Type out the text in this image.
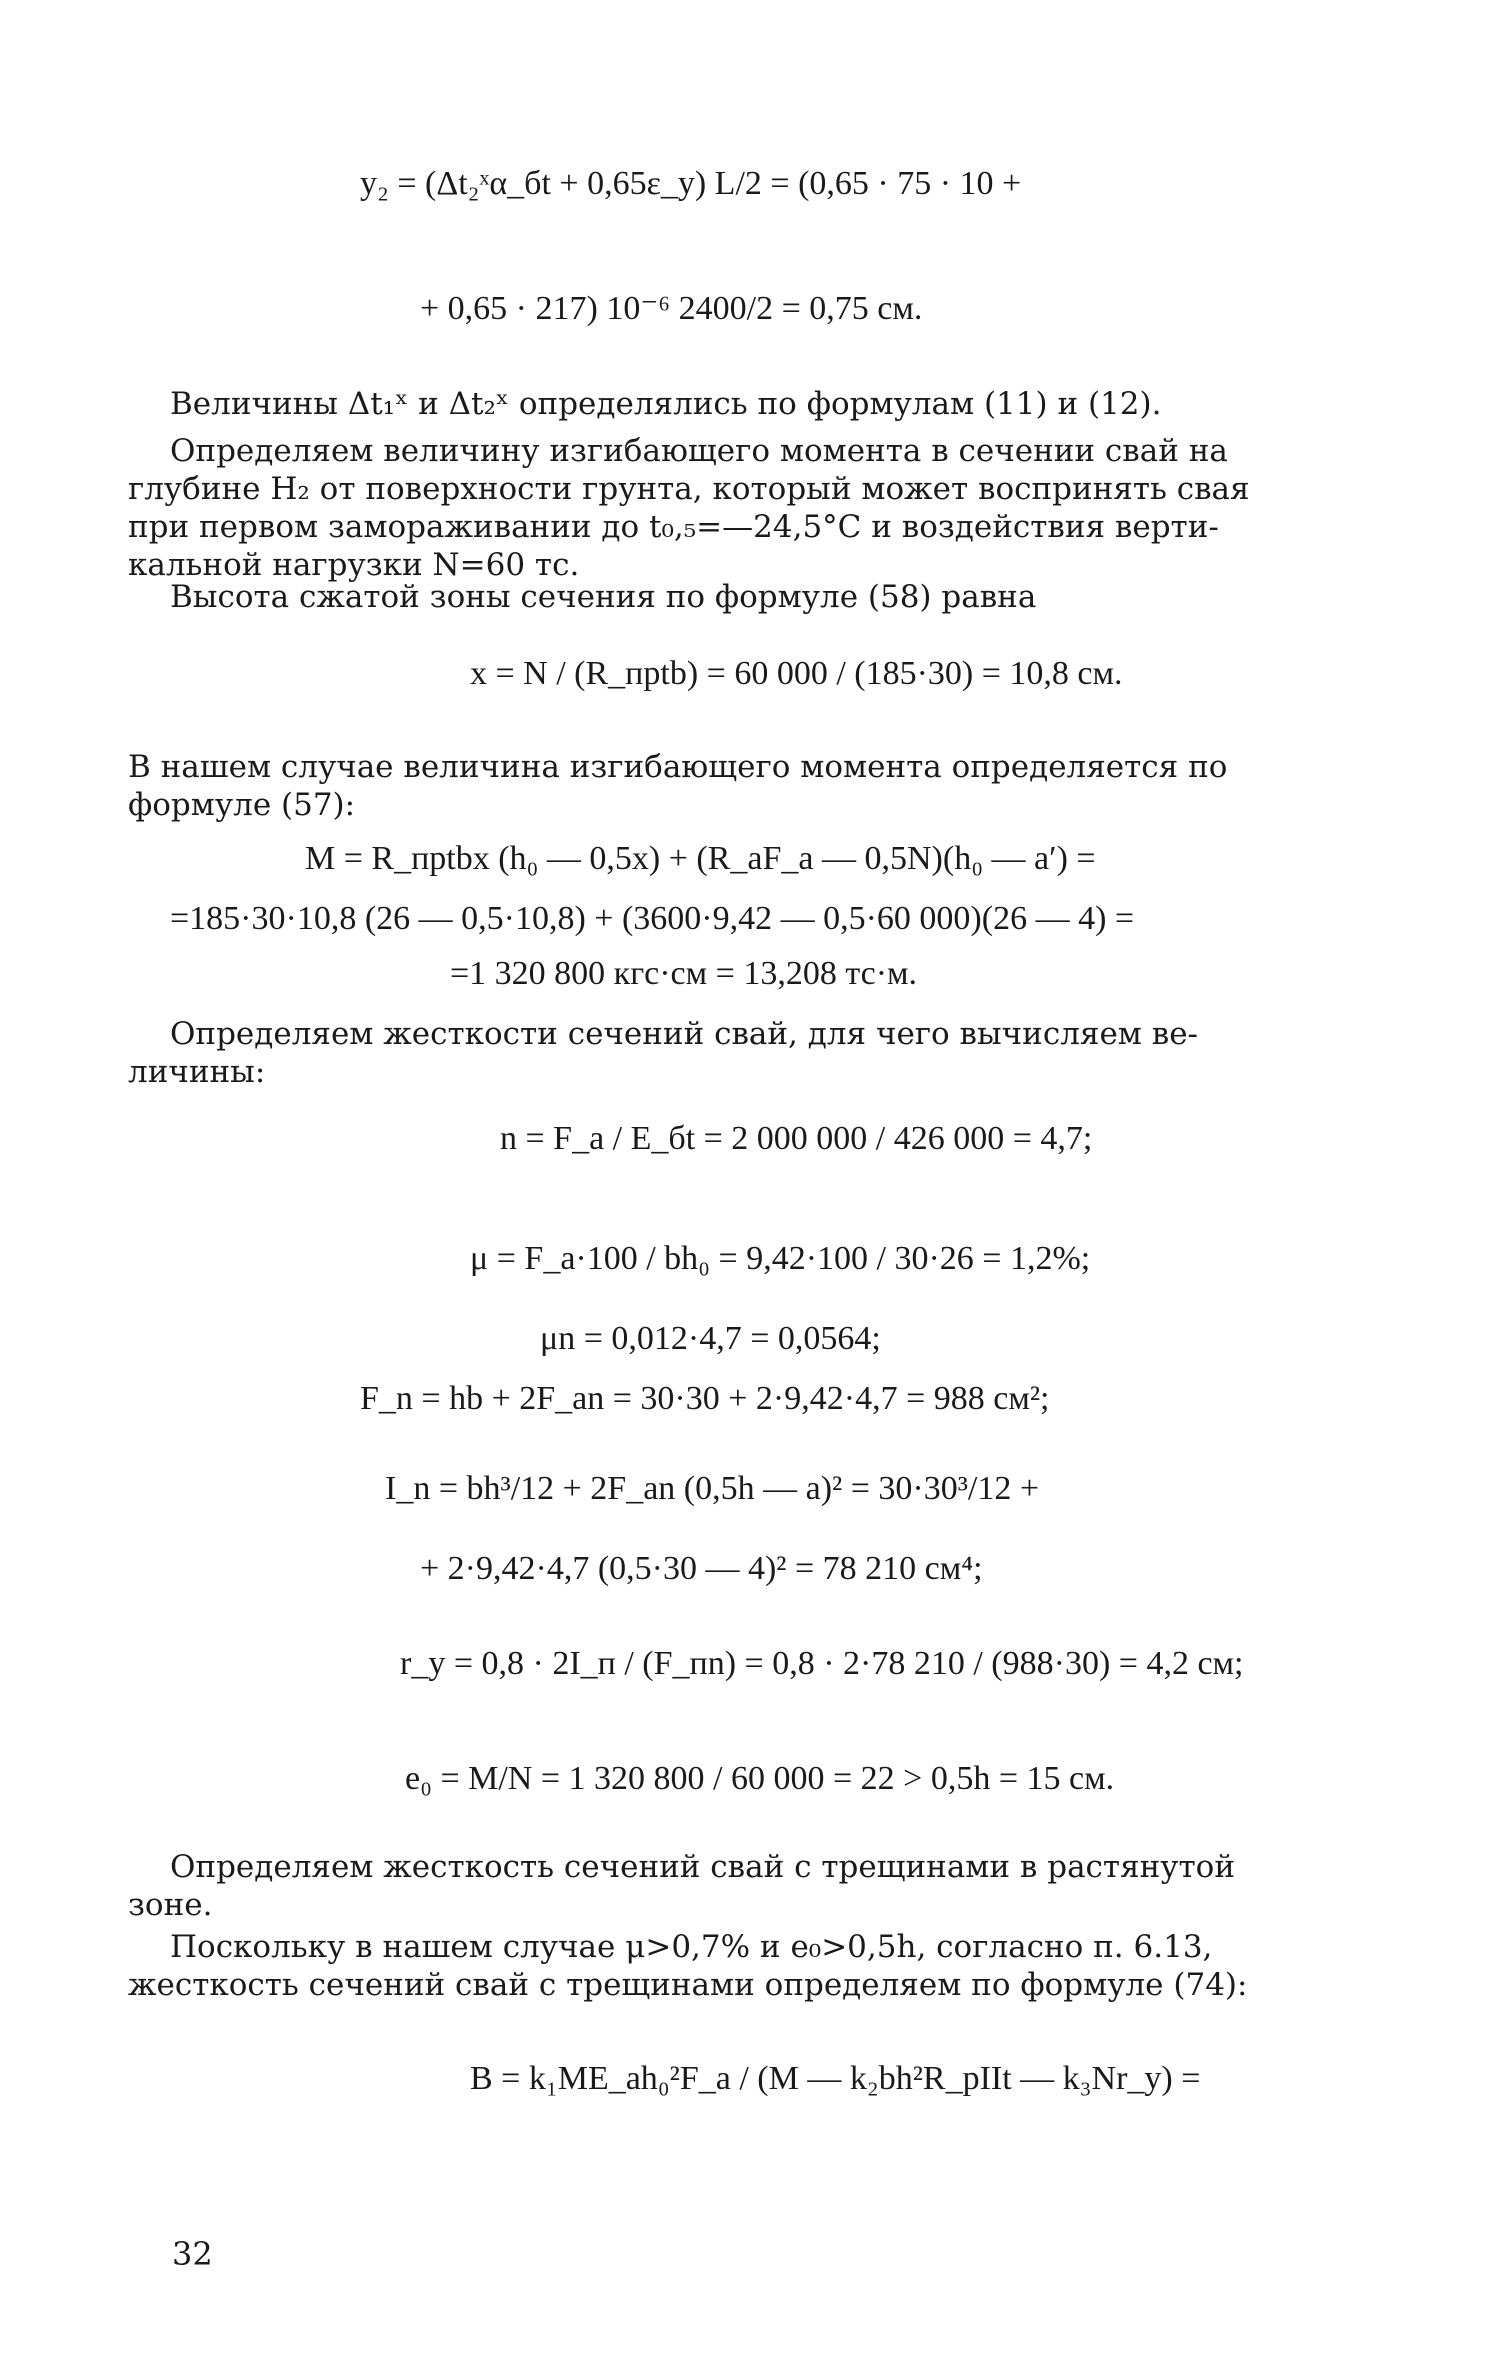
y₂ = (Δt₂ˣα_бt + 0,65ε_y) L/2 = (0,65 · 75 · 10 +
+ 0,65 · 217) 10⁻⁶ 2400/2 = 0,75 см.
Величины Δt₁ˣ и Δt₂ˣ определялись по формулам (11) и (12).
Определяем величину изгибающего момента в сечении свай на
глубине H₂ от поверхности грунта, который может воспринять свая
при первом замораживании до t₀,₅=—24,5°С и воздействия верти-
кальной нагрузки N=60 тс.
Высота сжатой зоны сечения по формуле (58) равна
x = N / (R_прtb) = 60 000 / (185·30) = 10,8 см.
В нашем случае величина изгибающего момента определяется по
формуле (57):
M = R_прtbx (h₀ — 0,5x) + (R_aF_a — 0,5N)(h₀ — a′) =
=185·30·10,8 (26 — 0,5·10,8) + (3600·9,42 — 0,5·60 000)(26 — 4) =
=1 320 800 кгс·см = 13,208 тс·м.
Определяем жесткости сечений свай, для чего вычисляем ве-
личины:
n = F_a / E_бt = 2 000 000 / 426 000 = 4,7;
μ = F_a·100 / bh₀ = 9,42·100 / 30·26 = 1,2%;
μn = 0,012·4,7 = 0,0564;
F_n = hb + 2F_an = 30·30 + 2·9,42·4,7 = 988 см²;
I_n = bh³/12 + 2F_an (0,5h — a)² = 30·30³/12 +
+ 2·9,42·4,7 (0,5·30 — 4)² = 78 210 см⁴;
r_y = 0,8 · 2I_п / (F_пn) = 0,8 · 2·78 210 / (988·30) = 4,2 см;
e₀ = M/N = 1 320 800 / 60 000 = 22 > 0,5h = 15 см.
Определяем жесткость сечений свай с трещинами в растянутой
зоне.
Поскольку в нашем случае μ>0,7% и e₀>0,5h, согласно п. 6.13,
жесткость сечений свай с трещинами определяем по формуле (74):
B = k₁ME_ah₀²F_a / (M — k₂bh²R_рIIt — k₃Nr_y) =
32
